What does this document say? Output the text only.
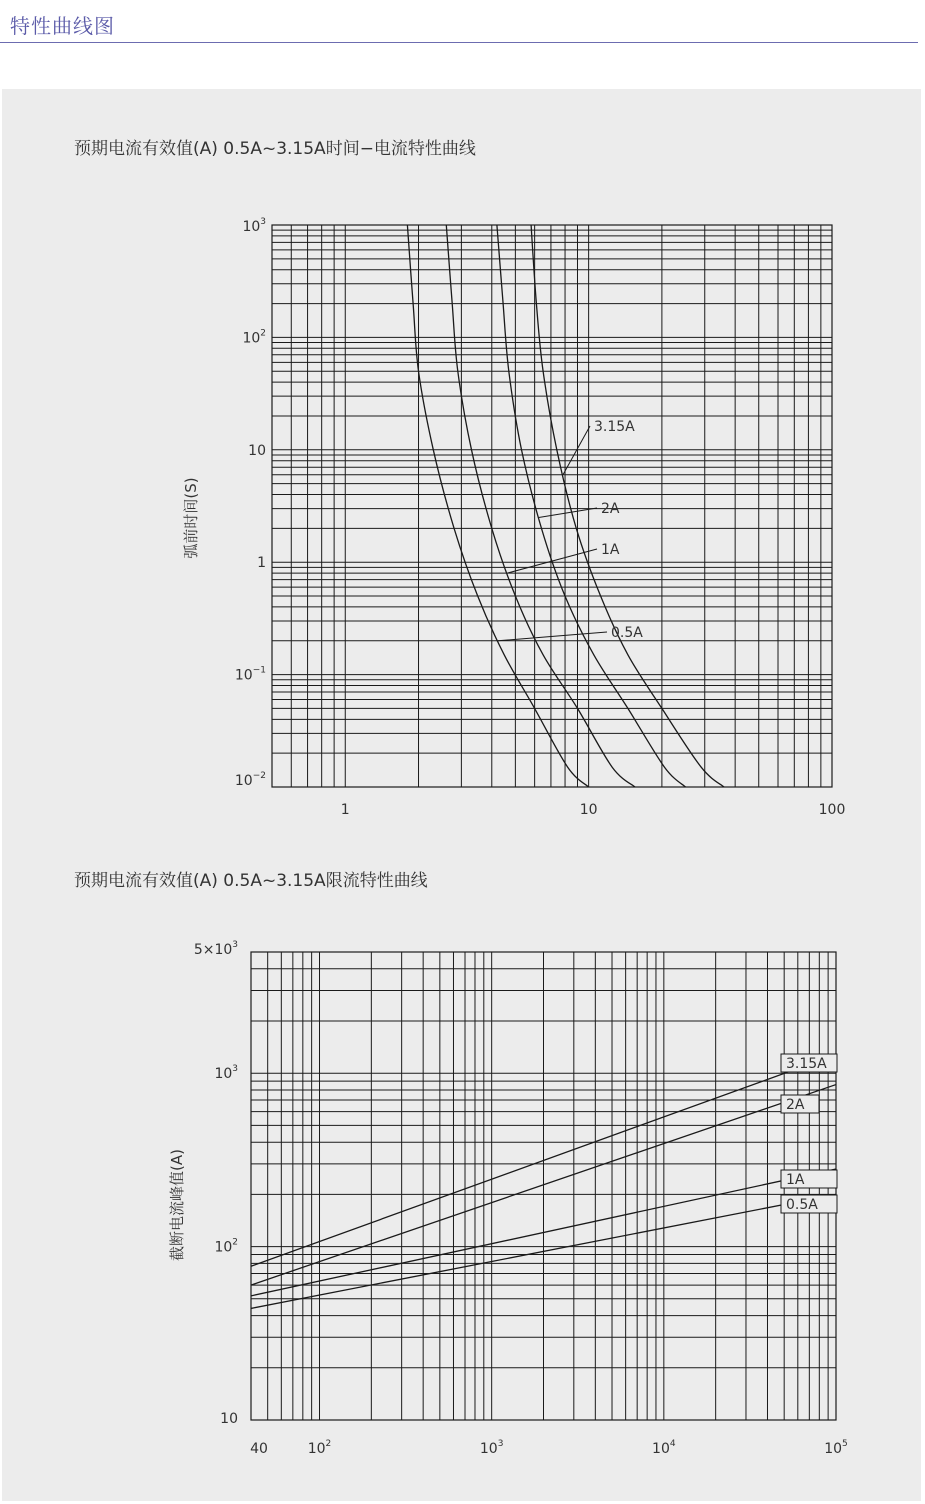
特性曲线图
预期电流有效值(A) 0.5A~3.15A时间−电流特性曲线
预期电流有效值(A) 0.5A~3.15A限流特性曲线
1	10	100
$10^3$
$10^2$
10
1
$10^{-1}$
$10^{-2}$
弧前时间(S)
0.5A
1A
2A
3.15A
40	$10^2$	$10^3$	$10^4$	$10^5$
$5\times 10^3$
$10^3$
$10^2$
10
截断电流峰值(A)
3.15A
2A
1A
0.5A
